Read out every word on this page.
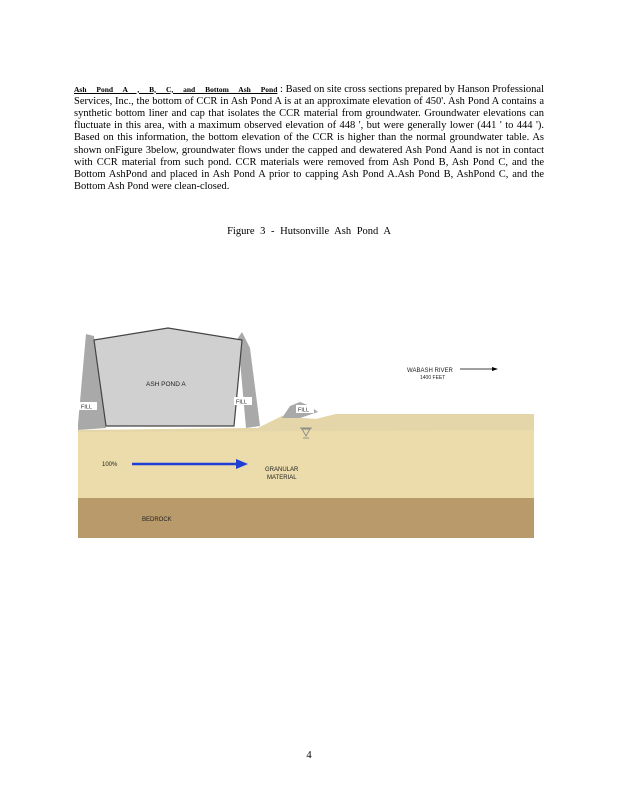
Ash Pond A , B, C, and Bottom Ash Pond : Based on site cross sections prepared by Hanson Professional Services, Inc., the bottom of CCR in Ash Pond A is at an approximate elevation of 450'. Ash Pond A contains a synthetic bottom liner and cap that isolates the CCR material from groundwater. Groundwater elevations can fluctuate in this area, with a maximum observed elevation of 448 ', but were generally lower (441 ' to 444 '). Based on this information, the bottom elevation of the CCR is higher than the normal groundwater table. As shown onFigure 3below, groundwater flows under the capped and dewatered Ash Pond Aand is not in contact with CCR material from such pond. CCR materials were removed from Ash Pond B, Ash Pond C, and the Bottom AshPond and placed in Ash Pond A prior to capping Ash Pond A.Ash Pond B, AshPond C, and the Bottom Ash Pond were clean-closed.

Figure 3 - Hutsonville Ash Pond A
ASH POND A
FILL
FILL
FILL
WABASH RIVER
1400 FEET
100%
GRANULAR
MATERIAL
BEDROCK
4
